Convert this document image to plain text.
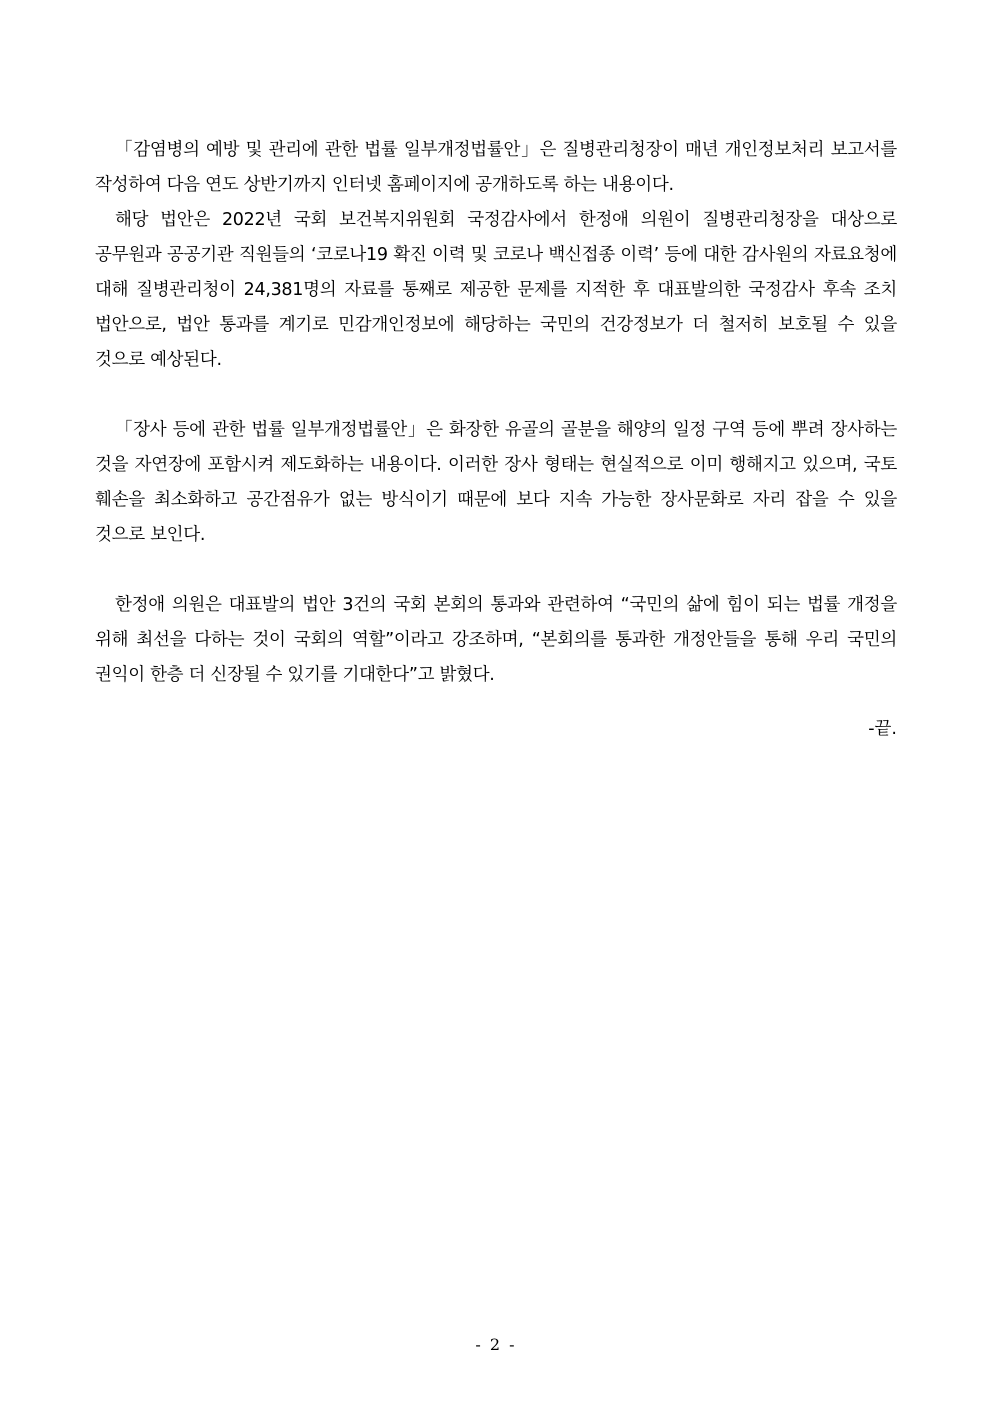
「감염병의 예방 및 관리에 관한 법률 일부개정법률안」은 질병관리청장이 매년 개인정보처리 보고서를 작성하여 다음 연도 상반기까지 인터넷 홈페이지에 공개하도록 하는 내용이다.

해당 법안은 2022년 국회 보건복지위원회 국정감사에서 한정애 의원이 질병관리청장을 대상으로 공무원과 공공기관 직원들의 ‘코로나19 확진 이력 및 코로나 백신접종 이력’ 등에 대한 감사원의 자료요청에 대해 질병관리청이 24,381명의 자료를 통째로 제공한 문제를 지적한 후 대표발의한 국정감사 후속 조치 법안으로, 법안 통과를 계기로 민감개인정보에 해당하는 국민의 건강정보가 더 철저히 보호될 수 있을 것으로 예상된다.

「장사 등에 관한 법률 일부개정법률안」은 화장한 유골의 골분을 해양의 일정 구역 등에 뿌려 장사하는 것을 자연장에 포함시켜 제도화하는 내용이다. 이러한 장사 형태는 현실적으로 이미 행해지고 있으며, 국토 훼손을 최소화하고 공간점유가 없는 방식이기 때문에 보다 지속 가능한 장사문화로 자리 잡을 수 있을 것으로 보인다.

한정애 의원은 대표발의 법안 3건의 국회 본회의 통과와 관련하여 “국민의 삶에 힘이 되는 법률 개정을 위해 최선을 다하는 것이 국회의 역할”이라고 강조하며, “본회의를 통과한 개정안들을 통해 우리 국민의 권익이 한층 더 신장될 수 있기를 기대한다”고 밝혔다.

-끝.
- 2 -
